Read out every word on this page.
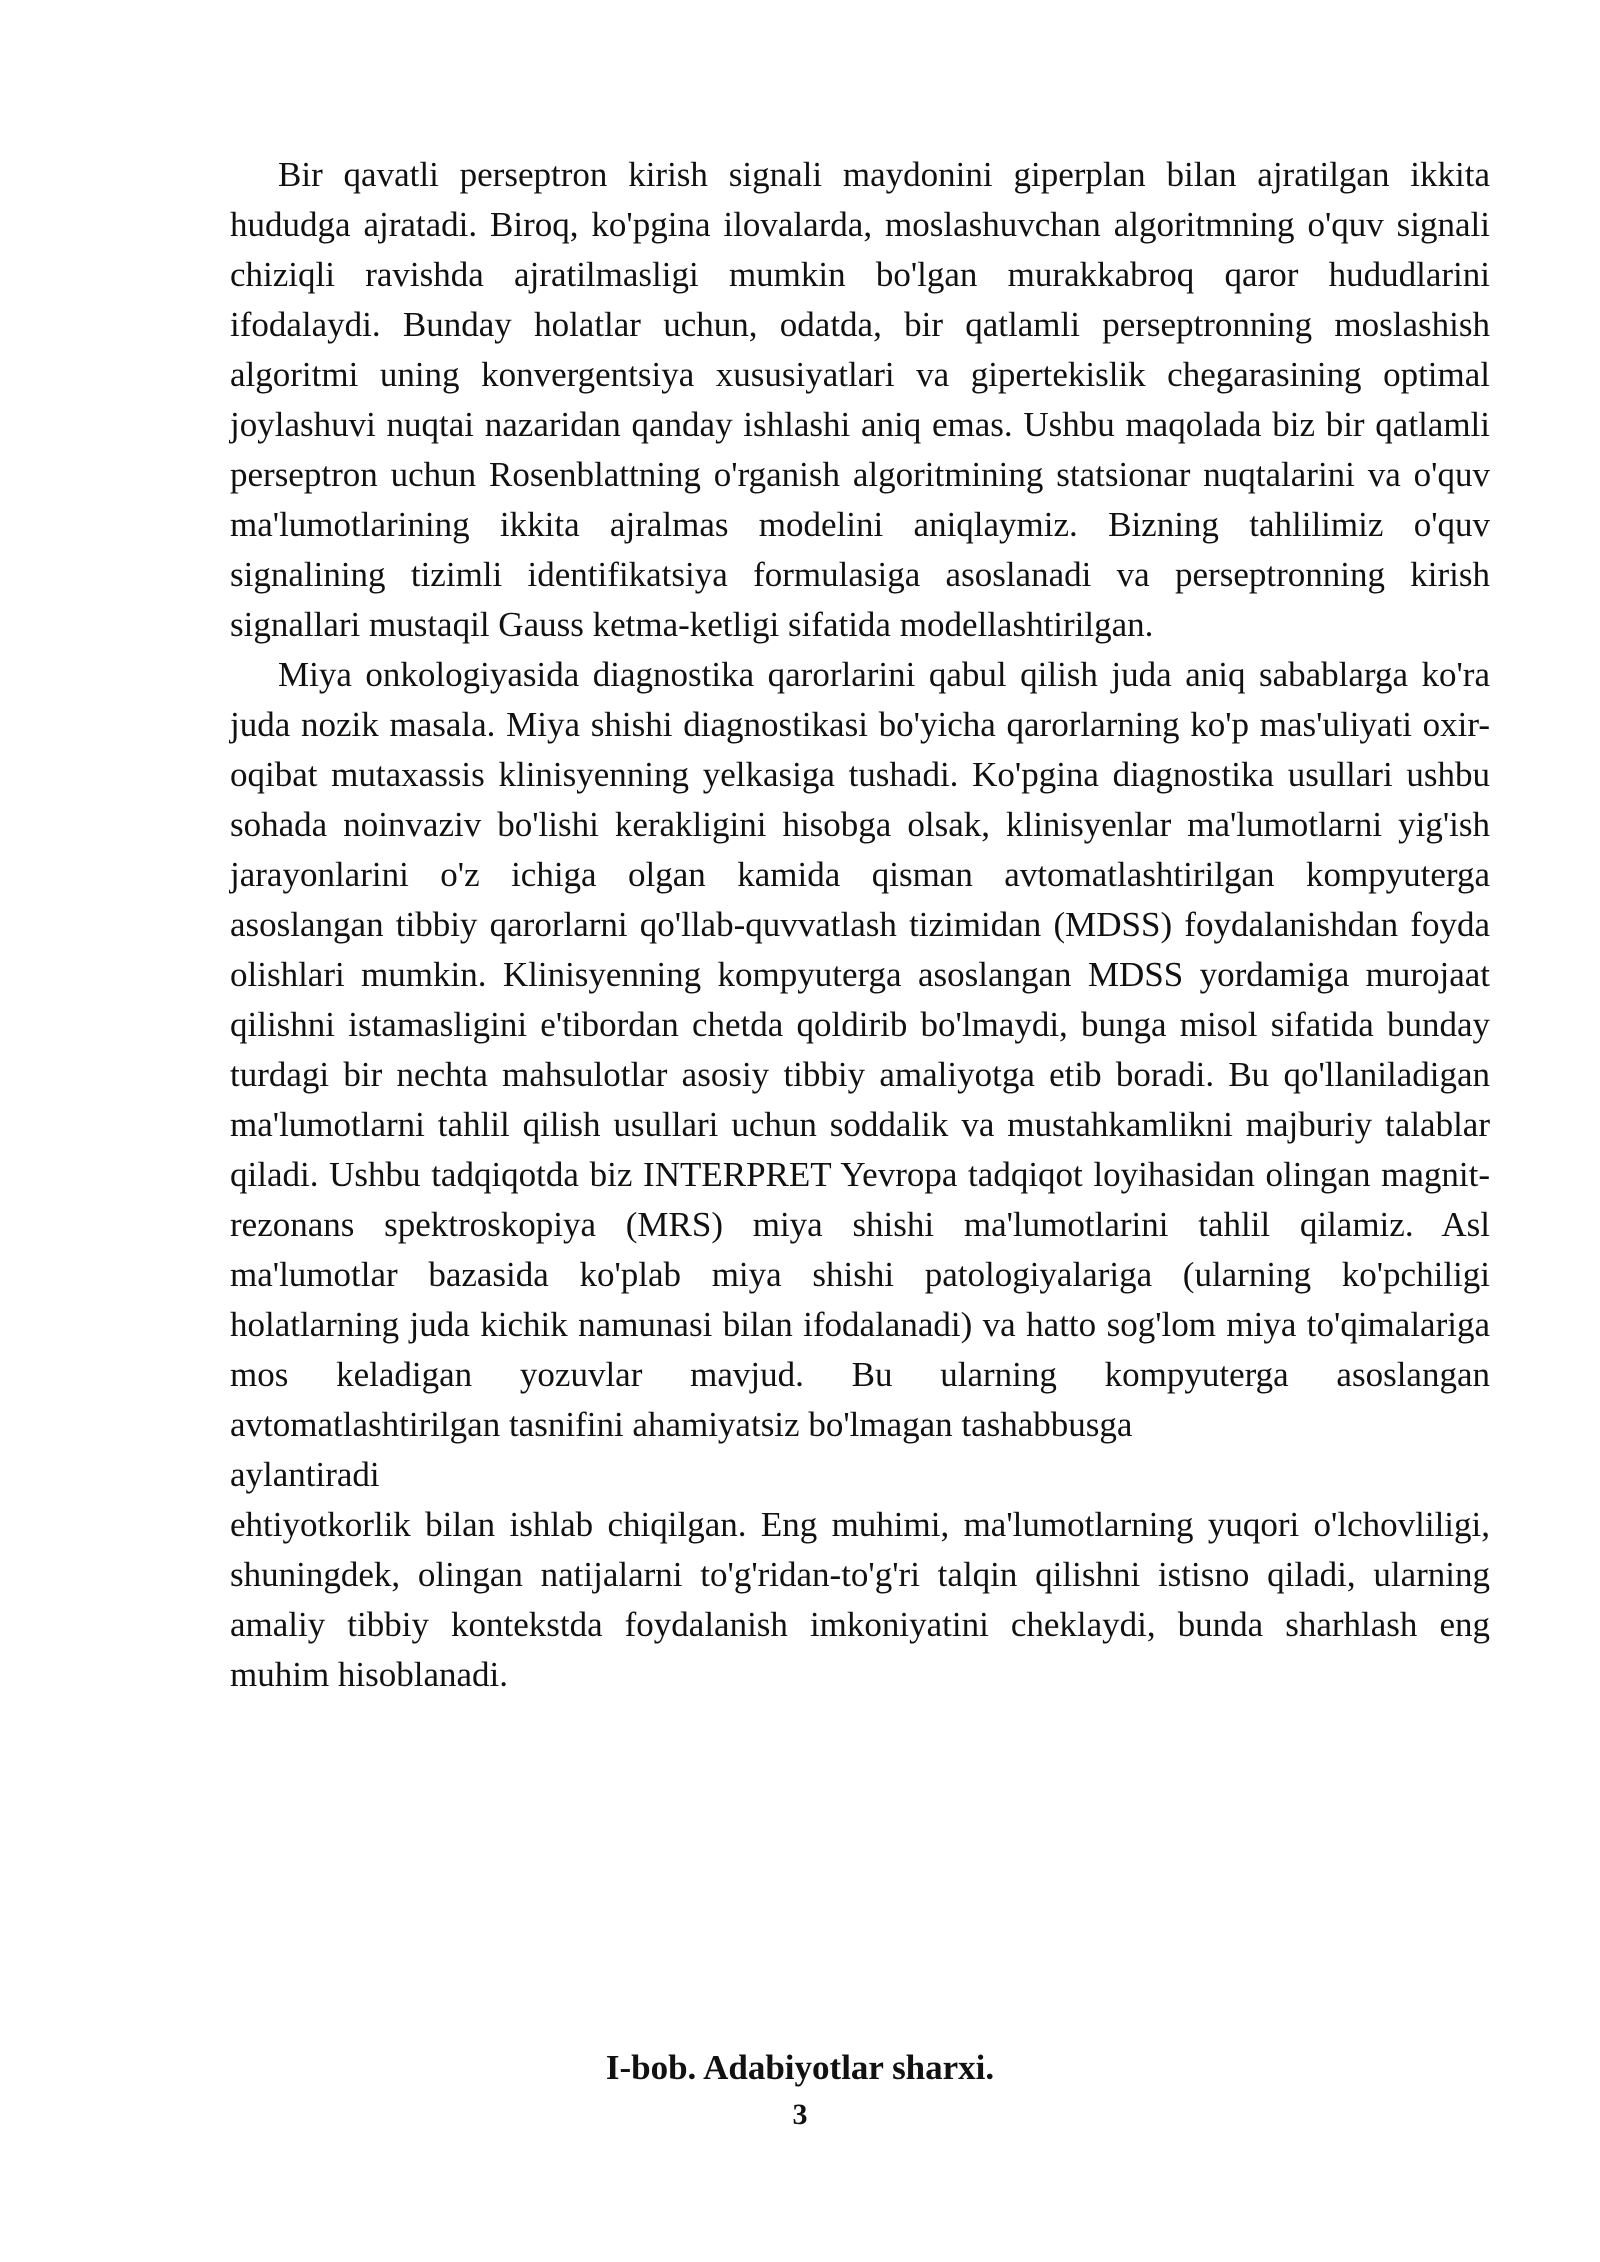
Bir qavatli perseptron kirish signali maydonini giperplan bilan ajratilgan ikkita hududga ajratadi. Biroq, ko'pgina ilovalarda, moslashuvchan algoritmning o'quv signali chiziqli ravishda ajratilmasligi mumkin bo'lgan murakkabroq qaror hududlarini ifodalaydi. Bunday holatlar uchun, odatda, bir qatlamli perseptronning moslashish algoritmi uning konvergentsiya xususiyatlari va gipertekislik chegarasining optimal joylashuvi nuqtai nazaridan qanday ishlashi aniq emas. Ushbu maqolada biz bir qatlamli perseptron uchun Rosenblattning o'rganish algoritmining statsionar nuqtalarini va o'quv ma'lumotlarining ikkita ajralmas modelini aniqlaymiz. Bizning tahlilimiz o'quv signalining tizimli identifikatsiya formulasiga asoslanadi va perseptronning kirish signallari mustaqil Gauss ketma-ketligi sifatida modellashtirilgan.

Miya onkologiyasida diagnostika qarorlarini qabul qilish juda aniq sabablarga ko'ra juda nozik masala. Miya shishi diagnostikasi bo'yicha qarorlarning ko'p mas'uliyati oxir-oqibat mutaxassis klinisyenning yelkasiga tushadi. Ko'pgina diagnostika usullari ushbu sohada noinvaziv bo'lishi kerakligini hisobga olsak, klinisyenlar ma'lumotlarni yig'ish jarayonlarini o'z ichiga olgan kamida qisman avtomatlashtirilgan kompyuterga asoslangan tibbiy qarorlarni qo'llab-quvvatlash tizimidan (MDSS) foydalanishdan foyda olishlari mumkin. Klinisyenning kompyuterga asoslangan MDSS yordamiga murojaat qilishni istamasligini e'tibordan chetda qoldirib bo'lmaydi, bunga misol sifatida bunday turdagi bir nechta mahsulotlar asosiy tibbiy amaliyotga etib boradi. Bu qo'llaniladigan ma'lumotlarni tahlil qilish usullari uchun soddalik va mustahkamlikni majburiy talablar qiladi. Ushbu tadqiqotda biz INTERPRET Yevropa tadqiqot loyihasidan olingan magnit-rezonans spektroskopiya (MRS) miya shishi ma'lumotlarini tahlil qilamiz. Asl ma'lumotlar bazasida ko'plab miya shishi patologiyalariga (ularning ko'pchiligi holatlarning juda kichik namunasi bilan ifodalanadi) va hatto sog'lom miya to'qimalariga mos keladigan yozuvlar mavjud. Bu ularning kompyuterga asoslangan avtomatlashtirilgan tasnifini ahamiyatsiz bo'lmagan tashabbusga

aylantiradi

ehtiyotkorlik bilan ishlab chiqilgan. Eng muhimi, ma'lumotlarning yuqori o'lchovliligi, shuningdek, olingan natijalarni to'g'ridan-to'g'ri talqin qilishni istisno qiladi, ularning amaliy tibbiy kontekstda foydalanish imkoniyatini cheklaydi, bunda sharhlash eng muhim hisoblanadi.

I-bob. Adabiyotlar sharxi.
3
